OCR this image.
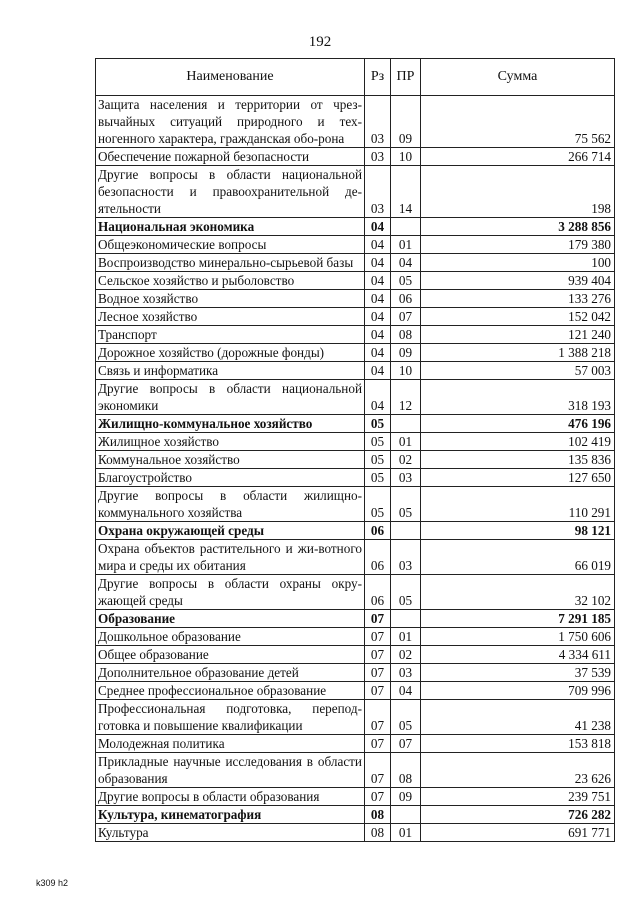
192
Наименование	Рз	ПР	Сумма
Защита населения и территории от чрез-вычайных ситуаций природного и тех-ногенного характера, гражданская обо-рона	03	09	75 562
Обеспечение пожарной безопасности	03	10	266 714
Другие вопросы в области национальной безопасности и правоохранительной де-ятельности	03	14	198
Национальная экономика	04		3 288 856
Общеэкономические вопросы	04	01	179 380
Воспроизводство минерально-сырьевой базы	04	04	100
Сельское хозяйство и рыболовство	04	05	939 404
Водное хозяйство	04	06	133 276
Лесное хозяйство	04	07	152 042
Транспорт	04	08	121 240
Дорожное хозяйство (дорожные фонды)	04	09	1 388 218
Связь и информатика	04	10	57 003
Другие вопросы в области национальной экономики	04	12	318 193
Жилищно-коммунальное хозяйство	05		476 196
Жилищное хозяйство	05	01	102 419
Коммунальное хозяйство	05	02	135 836
Благоустройство	05	03	127 650
Другие вопросы в области жилищно-коммунального хозяйства	05	05	110 291
Охрана окружающей среды	06		98 121
Охрана объектов растительного и жи-вотного мира и среды их обитания	06	03	66 019
Другие вопросы в области охраны окру-жающей среды	06	05	32 102
Образование	07		7 291 185
Дошкольное образование	07	01	1 750 606
Общее образование	07	02	4 334 611
Дополнительное образование детей	07	03	37 539
Среднее профессиональное образование	07	04	709 996
Профессиональная подготовка, перепод-готовка и повышение квалификации	07	05	41 238
Молодежная политика	07	07	153 818
Прикладные научные исследования в области образования	07	08	23 626
Другие вопросы в области образования	07	09	239 751
Культура, кинематография	08		726 282
Культура	08	01	691 771
k309 h2
